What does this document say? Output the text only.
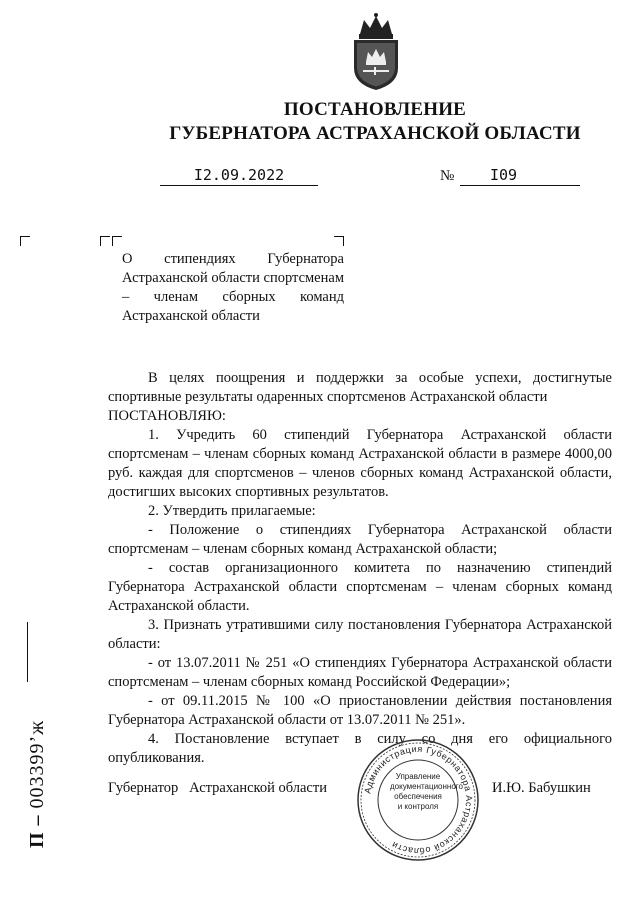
ПОСТАНОВЛЕНИЕ
ГУБЕРНАТОРА АСТРАХАНСКОЙ ОБЛАСТИ
I2.09.2022	№	I09
О стипендиях Губернатора Астраханской области спортсменам – членам сборных команд Астраханской области

В целях поощрения и поддержки за особые успехи, достигнутые спортивные результаты одаренных спортсменов Астраханской области

ПОСТАНОВЛЯЮ:

1. Учредить 60 стипендий Губернатора Астраханской области спортсменам – членам сборных команд Астраханской области в размере 4000,00 руб. каждая для спортсменов – членов сборных команд Астраханской области, достигших высоких спортивных результатов.

2. Утвердить прилагаемые:

- Положение о стипендиях Губернатора Астраханской области спортсменам – членам сборных команд Астраханской области;

- состав организационного комитета по назначению стипендий Губернатора Астраханской области спортсменам – членам сборных команд Астраханской области.

3. Признать утратившими силу постановления Губернатора Астраханской области:

- от 13.07.2011 № 251 «О стипендиях Губернатора Астраханской области спортсменам – членам сборных команд Российской Федерации»;

- от 09.11.2015 № 100 «О приостановлении действия постановления Губернатора Астраханской области от 13.07.2011 № 251».

4. Постановление вступает в силу со дня его официального опубликования.

Губернатор   Астраханской области	И.Ю. Бабушкин
Администрация Губернатора Астраханской области
Управление
документационного
обеспечения
и контроля
П – 003399’ж
